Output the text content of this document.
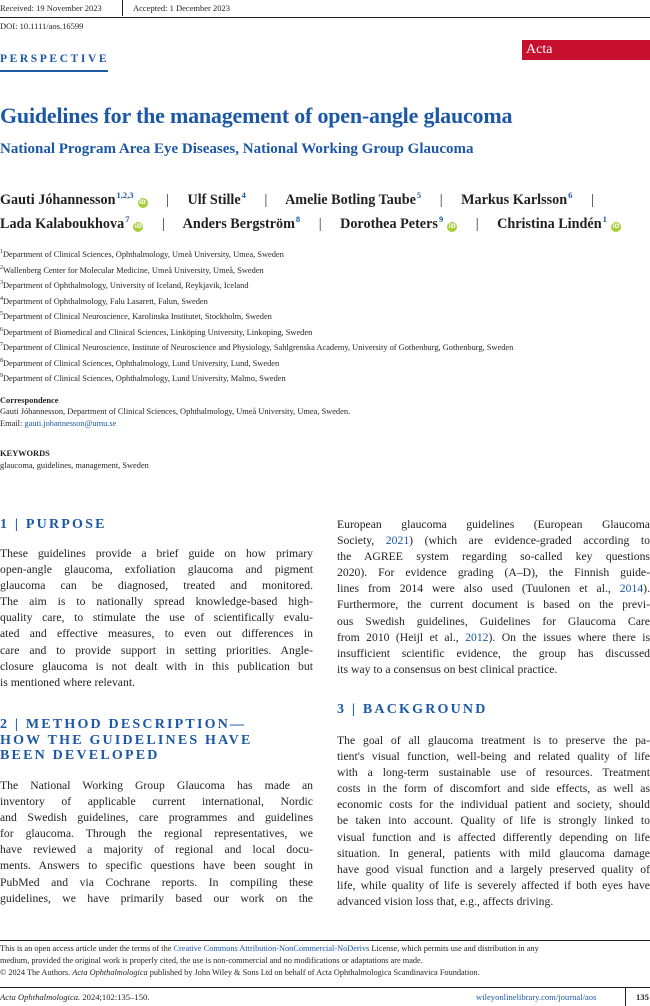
Received: 19 November 2023	Accepted: 1 December 2023
DOI: 10.1111/aos.16599
PERSPECTIVE
Acta Ophthalmologica
Guidelines for the management of open-angle glaucoma
National Program Area Eye Diseases, National Working Group Glaucoma
Gauti Jóhannesson$^{1,2,3}$iD | Ulf Stille$^4$ | Amelie Botling Taube$^5$ | Markus Karlsson$^6$ |
Lada Kalaboukhova$^7$iD | Anders Bergström$^8$ | Dorothea Peters$^9$iD | Christina Lindén$^1$iD
$^1$Department of Clinical Sciences, Ophthalmology, Umeå University, Umea, Sweden
$^2$Wallenberg Center for Molecular Medicine, Umeå University, Umeå, Sweden
$^3$Department of Ophthalmology, University of Iceland, Reykjavik, Iceland
$^4$Department of Ophthalmology, Falu Lasarett, Falun, Sweden
$^5$Department of Clinical Neuroscience, Karolinska Institutet, Stockholm, Sweden
$^6$Department of Biomedical and Clinical Sciences, Linköping University, Linkoping, Sweden
$^7$Department of Clinical Neuroscience, Institute of Neuroscience and Physiology, Sahlgrenska Academy, University of Gothenburg, Gothenburg, Sweden
$^8$Department of Clinical Sciences, Ophthalmology, Lund University, Lund, Sweden
$^9$Department of Clinical Sciences, Ophthalmology, Lund University, Malmo, Sweden
Correspondence
Gauti Jóhannesson, Department of Clinical Sciences, Ophthalmology, Umeå University, Umea, Sweden.
Email: gauti.johannesson@umu.se
KEYWORDS
glaucoma, guidelines, management, Sweden
1 | PURPOSE
These guidelines provide a brief guide on how primary
open-angle glaucoma, exfoliation glaucoma and pigment
glaucoma can be diagnosed, treated and monitored.
The aim is to nationally spread knowledge-based high-
quality care, to stimulate the use of scientifically evalu-
ated and effective measures, to even out differences in
care and to provide support in setting priorities. Angle-
closure glaucoma is not dealt with in this publication but
is mentioned where relevant.
2 | METHOD DESCRIPTION—
HOW THE GUIDELINES HAVE
BEEN DEVELOPED
The National Working Group Glaucoma has made an
inventory of applicable current international, Nordic
and Swedish guidelines, care programmes and guidelines
for glaucoma. Through the regional representatives, we
have reviewed a majority of regional and local docu-
ments. Answers to specific questions have been sought in
PubMed and via Cochrane reports. In compiling these
guidelines, we have primarily based our work on the
European glaucoma guidelines (European Glaucoma
Society, 2021) (which are evidence-graded according to
the AGREE system regarding so-called key questions
2020). For evidence grading (A–D), the Finnish guide-
lines from 2014 were also used (Tuulonen et al., 2014).
Furthermore, the current document is based on the previ-
ous Swedish guidelines, Guidelines for Glaucoma Care
from 2010 (Heijl et al., 2012). On the issues where there is
insufficient scientific evidence, the group has discussed
its way to a consensus on best clinical practice.
3 | BACKGROUND
The goal of all glaucoma treatment is to preserve the pa-
tient's visual function, well-being and related quality of life
with a long-term sustainable use of resources. Treatment
costs in the form of discomfort and side effects, as well as
economic costs for the individual patient and society, should
be taken into account. Quality of life is strongly linked to
visual function and is affected differently depending on life
situation. In general, patients with mild glaucoma damage
have good visual function and a largely preserved quality of
life, while quality of life is severely affected if both eyes have
advanced vision loss that, e.g., affects driving.
This is an open access article under the terms of the Creative Commons Attribution-NonCommercial-NoDerivs License, which permits use and distribution in any
medium, provided the original work is properly cited, the use is non-commercial and no modifications or adaptations are made.
© 2024 The Authors. Acta Ophthalmologica published by John Wiley & Sons Ltd on behalf of Acta Ophthalmologica Scandinavica Foundation.
Acta Ophthalmologica. 2024;102:135–150.	wileyonlinelibrary.com/journal/aos	135
